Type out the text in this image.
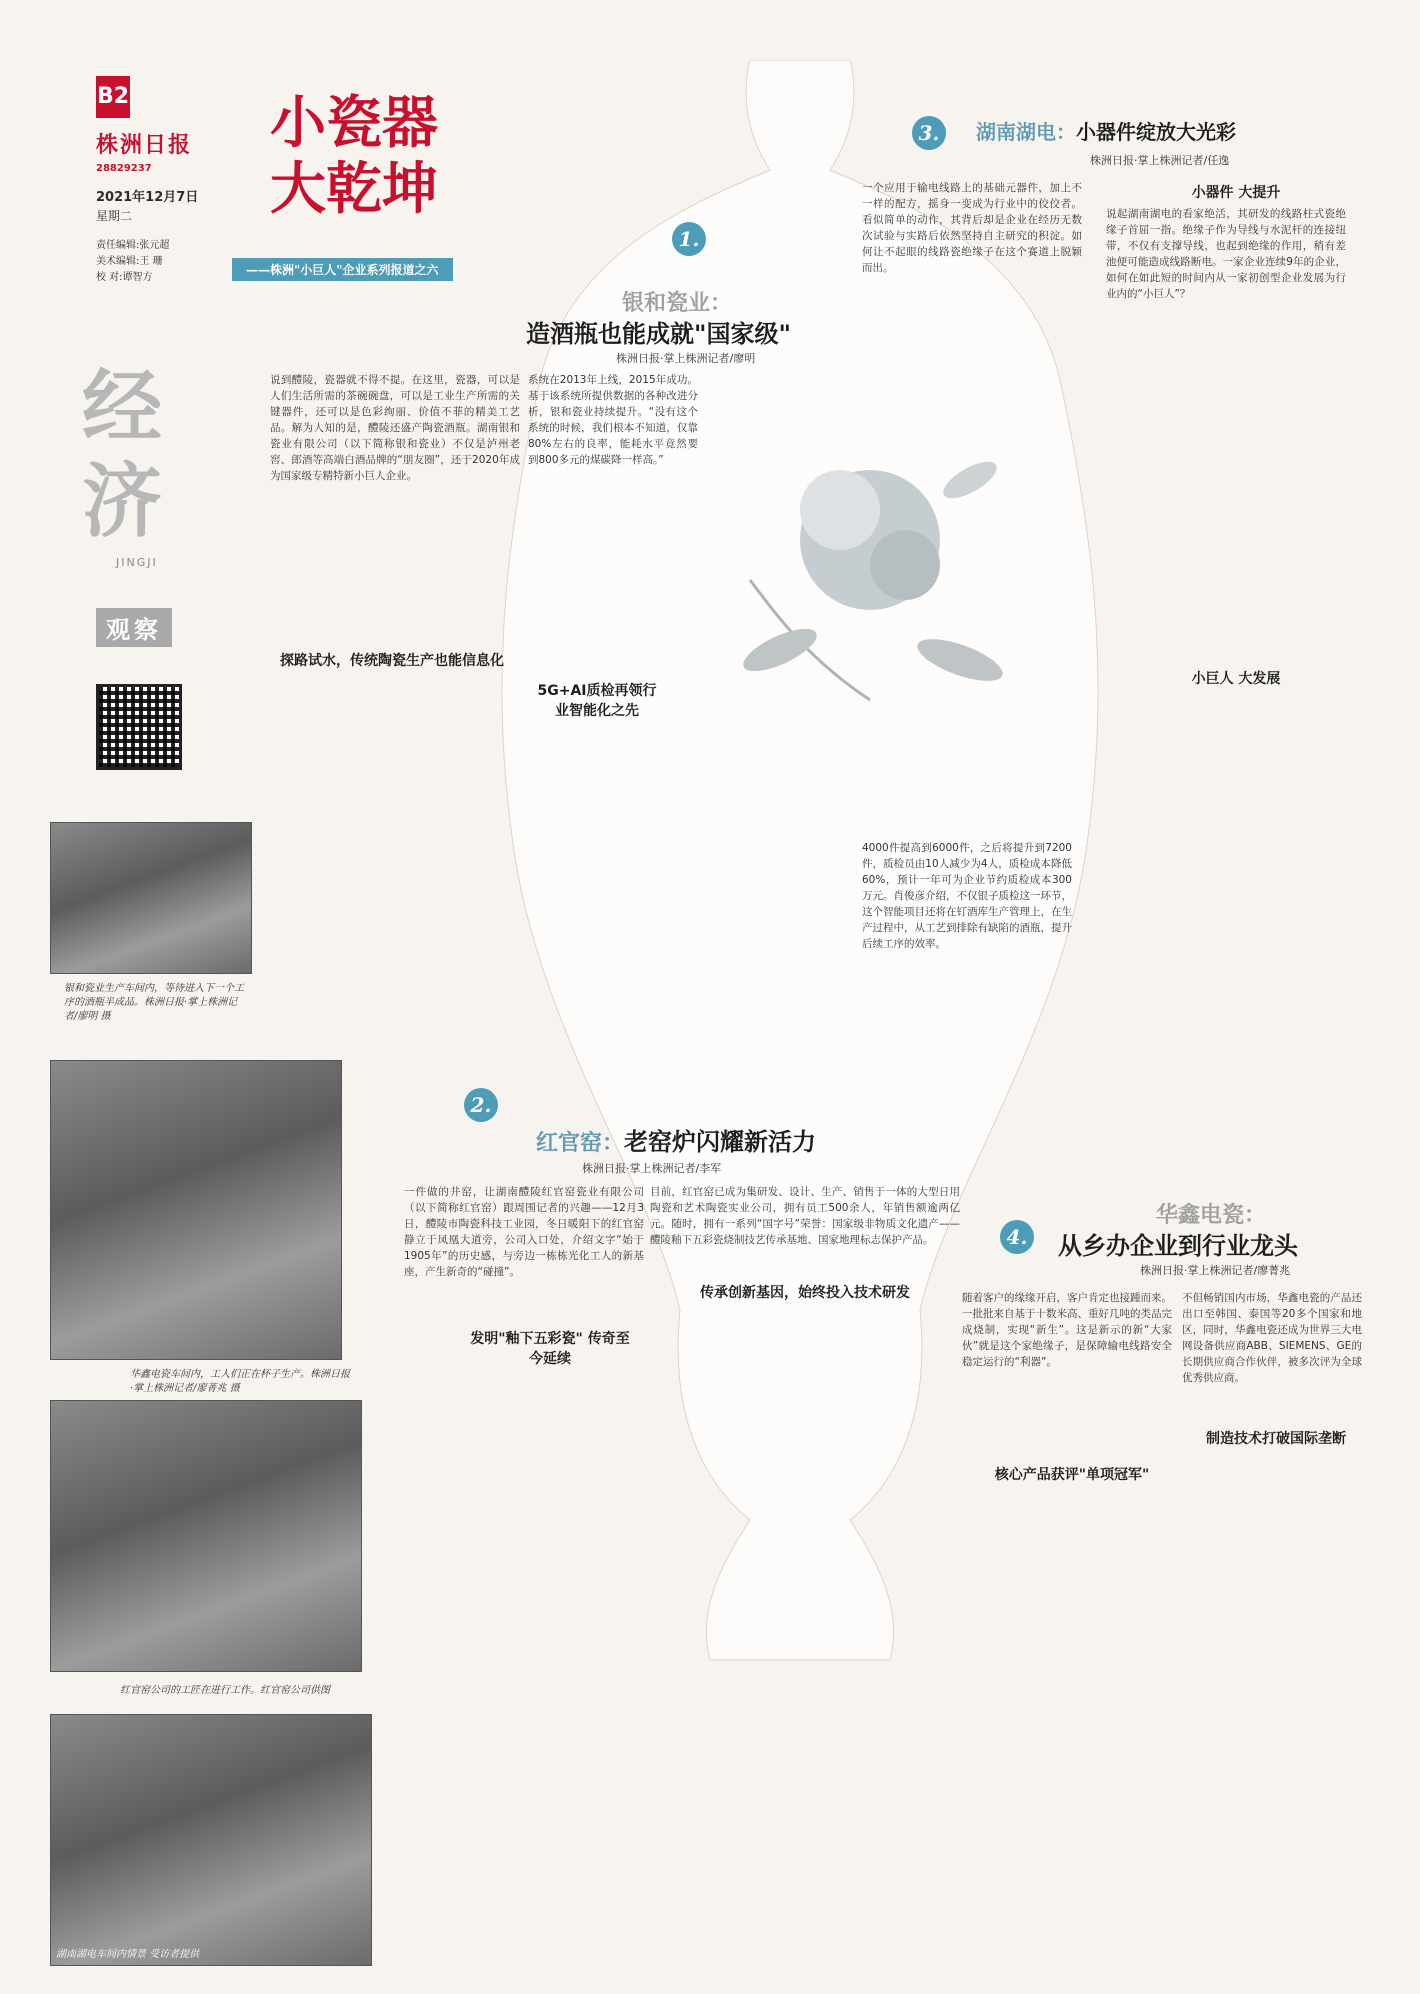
B2
株洲日报
28829237
2021年12月7日
星期二
责任编辑:张元超
美术编辑:王 珊
校 对:谭智方
经济
JINGJI
观察
小瓷器
大乾坤
——株洲"小巨人"企业系列报道之六
1.
银和瓷业：
造酒瓶也能成就"国家级"
株洲日报·掌上株洲记者/廖明
说到醴陵，瓷器就不得不提。在这里，瓷器，可以是人们生活所需的茶碗碗盘，可以是工业生产所需的关键器件，还可以是色彩绚丽、价值不菲的精美工艺品。解为人知的是，醴陵还盛产陶瓷酒瓶。湖南银和瓷业有限公司（以下简称银和瓷业）不仅是泸州老窖、郎酒等高端白酒品牌的“朋友圈”，还于2020年成为国家级专精特新小巨人企业。
探路试水，传统陶瓷生产也能信息化
系统在2013年上线，2015年成功。基于该系统所提供数据的各种改进分析，银和瓷业持续提升。“没有这个系统的时候，我们根本不知道，仅靠80%左右的良率，能耗水平竟然要到800多元的煤碳降一样高。”
5G+AI质检再领行业智能化之先
4000件提高到6000件，之后将提升到7200件，质检员由10人减少为4人，质检成本降低60%，预计一年可为企业节约质检成本300万元。肖俊彦介绍，不仅银子质检这一环节，这个智能项目还将在钉酒库生产管理上，在生产过程中，从工艺到排除有缺陷的酒瓶，提升后续工序的效率。
银和瓷业生产车间内，等待进入下一个工序的酒瓶半成品。株洲日报·掌上株洲记者/廖明 摄
2.
红官窑：老窑炉闪耀新活力
株洲日报·掌上株洲记者/李军
一件做的井窑，让湖南醴陵红官窑瓷业有限公司（以下简称红官窑）跟周围记者的兴趣——12月3日，醴陵市陶瓷科技工业园，冬日暖阳下的红官窑静立于凤凰大道旁，公司入口处，介绍文字“始于1905年”的历史感，与旁边一栋栋光化工人的新基座，产生新奇的“碰撞”。
发明"釉下五彩瓷" 传奇至今延续
目前，红官窑已成为集研发、设计、生产、销售于一体的大型日用陶瓷和艺术陶瓷实业公司，拥有员工500余人，年销售额逾两亿元。随时，拥有一系列“国字号”荣誉：国家级非物质文化遗产——醴陵釉下五彩瓷烧制技艺传承基地、国家地理标志保护产品。
传承创新基因，始终投入技术研发
华鑫电瓷车间内，工人们正在杯子生产。株洲日报·掌上株洲记者/廖菁兆 摄
红官窑公司的工匠在进行工作。红官窑公司供图
湖南湖电车间内情景 受访者提供
3.	湖南湖电：小器件绽放大光彩
株洲日报·掌上株洲记者/任逸
一个应用于输电线路上的基础元器件，加上不一样的配方，摇身一变成为行业中的佼佼者。看似简单的动作，其背后却是企业在经历无数次试验与实路后依然坚持自主研究的积淀。如何让不起眼的线路瓷绝缘子在这个赛道上脱颖而出。
小器件 大提升
说起湖南湖电的看家绝活，其研发的线路柱式瓷绝缘子首屈一指。绝缘子作为导线与水泥杆的连接纽带，不仅有支撑导线，也起到绝缘的作用，稍有差池便可能造成线路断电。一家企业连续9年的企业，如何在如此短的时间内从一家初创型企业发展为行业内的“小巨人”？
小巨人 大发展
4.
华鑫电瓷：
从乡办企业到行业龙头
株洲日报·掌上株洲记者/廖菁兆
随着客户的缘缘开启，客户肯定也接踵而来。一批批来自基于十数米高、重好几吨的类品完成烧制，实现“新生”。这是新示的新“大家伙”就是这个家绝缘子，是保障输电线路安全稳定运行的“利器”。
核心产品获评"单项冠军"
不但畅销国内市场，华鑫电瓷的产品还出口至韩国、泰国等20多个国家和地区，同时，华鑫电瓷还成为世界三大电网设备供应商ABB、SIEMENS、GE的长期供应商合作伙伴，被多次评为全球优秀供应商。
制造技术打破国际垄断
